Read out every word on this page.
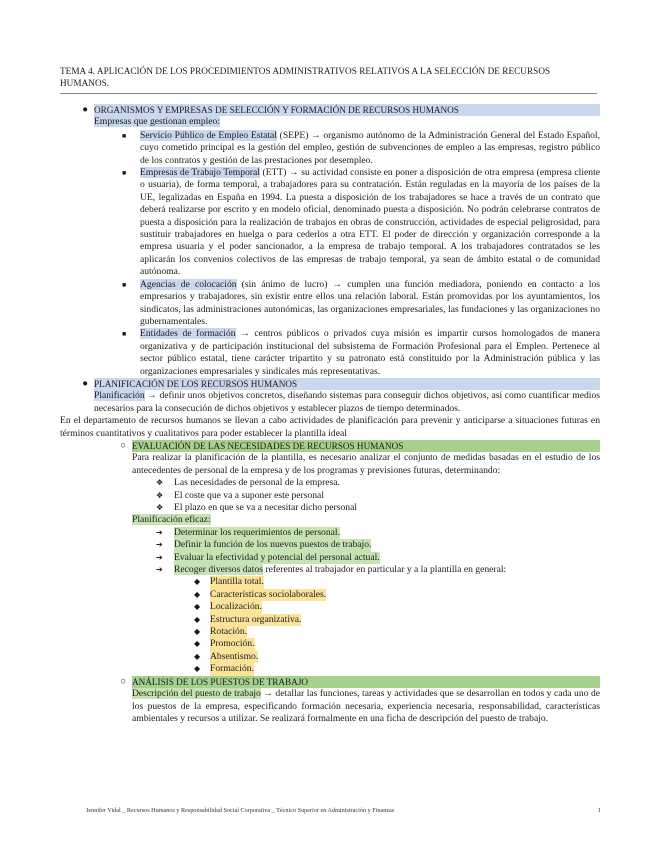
TEMA 4. APLICACIÓN DE LOS PROCEDIMIENTOS ADMINISTRATIVOS RELATIVOS A LA SELECCIÓN DE RECURSOS HUMANOS.
● ORGANISMOS Y EMPRESAS DE SELECCIÓN Y FORMACIÓN DE RECURSOS HUMANOS
Empresas que gestionan empleo:
■	Servicio Público de Empleo Estatal (SEPE) → organismo autónomo de la Administración General del Estado Español, cuyo cometido principal es la gestión del empleo, gestión de subvenciones de empleo a las empresas, registro público de los contratos y gestión de las prestaciones por desempleo.
■	Empresas de Trabajo Temporal (ETT) → su actividad consiste en poner a disposición de otra empresa (empresa cliente o usuaria), de forma temporal, a trabajadores para su contratación. Están reguladas en la mayoría de los países de la UE, legalizadas en España en 1994. La puesta a disposición de los trabajadores se hace a través de un contrato que deberá realizarse por escrito y en modelo oficial, denominado puesta a disposición. No podrán celebrarse contratos de puesta a disposición para la realización de trabajos en obras de construcción, actividades de especial peligrosidad, para sustituir trabajadores en huelga o para cederlos a otra ETT. El poder de dirección y organización corresponde a la empresa usuaria y el poder sancionador, a la empresa de trabajo temporal. A los trabajadores contratados se les aplicarán los convenios colectivos de las empresas de trabajo temporal, ya sean de ámbito estatal o de comunidad autónoma.
■	Agencias de colocación (sin ánimo de lucro) → cumplen una función mediadora, poniendo en contacto a los empresarios y trabajadores, sin existir entre ellos una relación laboral. Están promovidas por los ayuntamientos, los sindicatos, las administraciones autonómicas, las organizaciones empresariales, las fundaciones y las organizaciones no gubernamentales.
■	Entidades de formación → centros públicos o privados cuya misión es impartir cursos homologados de manera organizativa y de participación institucional del subsistema de Formación Profesional para el Empleo. Pertenece al sector público estatal, tiene carácter tripartito y su patronato está constituido por la Administración pública y las organizaciones empresariales y sindicales más representativas.
● PLANIFICACIÓN DE LOS RECURSOS HUMANOS
Planificación → definir unos objetivos concretos, diseñando sistemas para conseguir dichos objetivos, así como cuantificar medios necesarios para la consecución de dichos objetivos y establecer plazos de tiempo determinados.
En el departamento de recursos humanos se llevan a cabo actividades de planificación para prevenir y anticiparse a situaciones futuras en términos cuantitativos y cualitativos para poder establecer la plantilla ideal
○ EVALUACIÓN DE LAS NECESIDADES DE RECURSOS HUMANOS
Para realizar la planificación de la plantilla, es necesario analizar el conjunto de medidas basadas en el estudio de los antecedentes de personal de la empresa y de los programas y previsiones futuras, determinando:
❖	Las necesidades de personal de la empresa.
❖	El coste que va a suponer este personal
❖	El plazo en que se va a necesitar dicho personal
Planificación eficaz:
➔	Determinar los requerimientos de personal.
➔	Definir la función de los nuevos puestos de trabajo.
➔	Evaluar la efectividad y potencial del personal actual.
➔	Recoger diversos datos referentes al trabajador en particular y a la plantilla en general:
◆	Plantilla total.
◆	Características sociolaborales.
◆	Localización.
◆	Estructura organizativa.
◆	Rotación.
◆	Promoción.
◆	Absentismo.
◆	Formación.
○ ANÁLISIS DE LOS PUESTOS DE TRABAJO
Descripción del puesto de trabajo → detallar las funciones, tareas y actividades que se desarrollan en todos y cada uno de los puestos de la empresa, especificando formación necesaria, experiencia necesaria, responsabilidad, características ambientales y recursos a utilizar. Se realizará formalmente en una ficha de descripción del puesto de trabajo.
Jennifer Vidal _ Recursos Humanos y Responsabilidad Social Corporativa _ Técnico Superior en Administración y Finanzas	1
